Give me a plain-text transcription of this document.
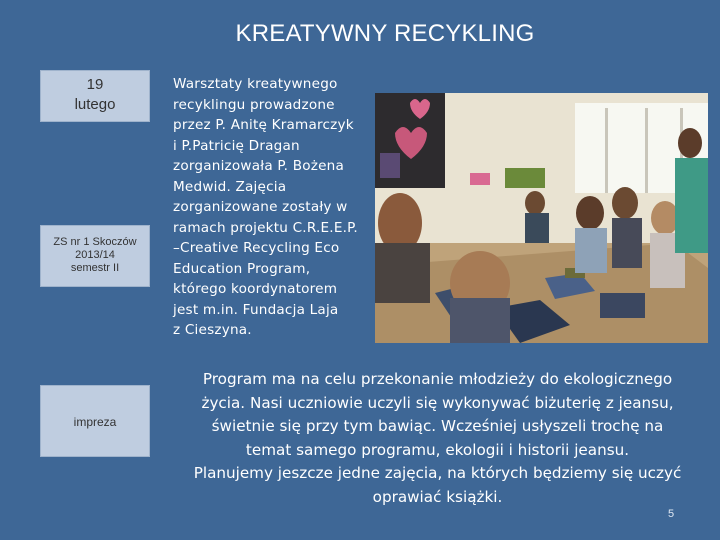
KREATYWNY RECYKLING
19
lutego
ZS nr 1 Skoczów
2013/14
semestr II
impreza
Warsztaty kreatywnego
recyklingu prowadzone
przez P. Anitę Kramarczyk
i P.Patricię Dragan
zorganizowała P. Bożena
Medwid. Zajęcia
zorganizowane zostały w
ramach projektu C.R.E.E.P.
–Creative Recycling Eco
Education Program,
którego koordynatorem
jest m.in. Fundacja Laja
z Cieszyna.
Program ma na celu przekonanie młodzieży do ekologicznego
życia. Nasi uczniowie uczyli się wykonywać biżuterię z jeansu,
świetnie się przy tym bawiąc. Wcześniej usłyszeli trochę na
temat samego programu, ekologii i historii jeansu.
Planujemy jeszcze jedne zajęcia, na których będziemy się uczyć
oprawiać książki.
5
